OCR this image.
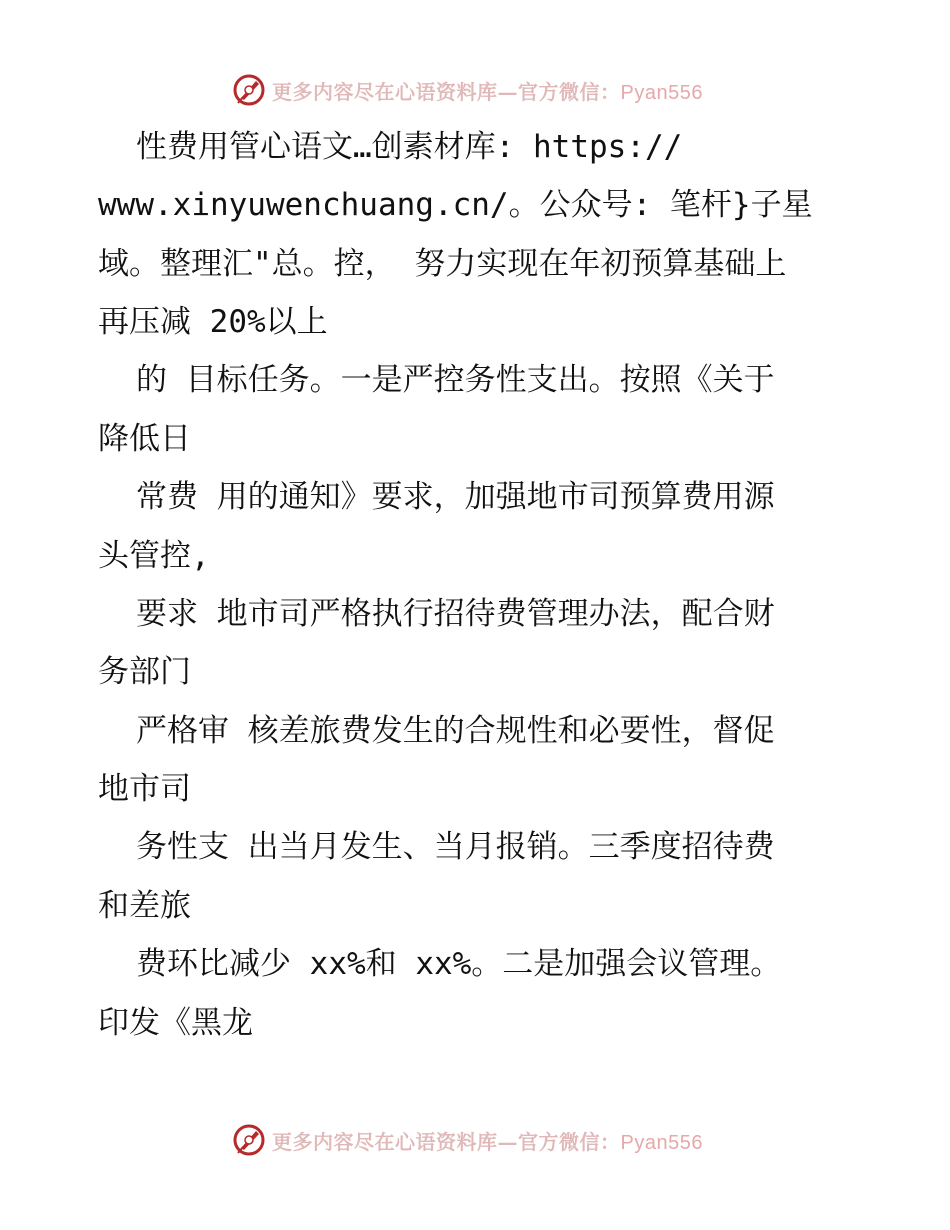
更多内容尽在心语资料库—官方微信：Pyan556
性费用管心语文…创素材库: https://
www.xinyuwenchuang.cn/。公众号: 笔杆}子星
域。整理汇"总。控， 努力实现在年初预算基础上
再压减 20%以上
的 目标任务。一是严控务性支出。按照《关于
降低日
常费 用的通知》要求，加强地市司预算费用源
头管控,
要求 地市司严格执行招待费管理办法，配合财
务部门
严格审 核差旅费发生的合规性和必要性，督促
地市司
务性支 出当月发生、当月报销。三季度招待费
和差旅
费环比减少 xx%和 xx%。二是加强会议管理。
印发《黑龙
更多内容尽在心语资料库—官方微信：Pyan556
